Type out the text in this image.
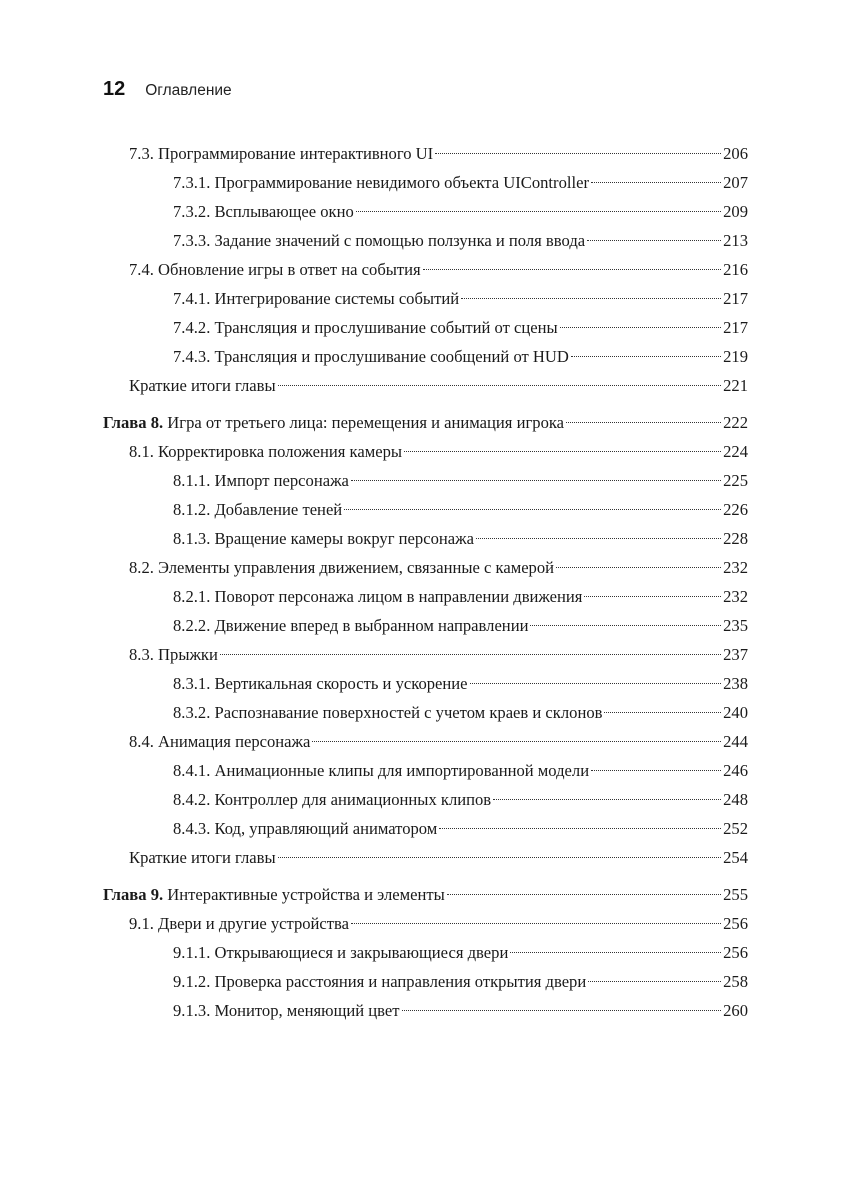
12 Оглавление
7.3. Программирование интерактивного UI	206
7.3.1. Программирование невидимого объекта UIController	207
7.3.2. Всплывающее окно	209
7.3.3. Задание значений с помощью ползунка и поля ввода	213
7.4. Обновление игры в ответ на события	216
7.4.1. Интегрирование системы событий	217
7.4.2. Трансляция и прослушивание событий от сцены	217
7.4.3. Трансляция и прослушивание сообщений от HUD	219
Краткие итоги главы	221
Глава 8. Игра от третьего лица: перемещения и анимация игрока	222
8.1. Корректировка положения камеры	224
8.1.1. Импорт персонажа	225
8.1.2. Добавление теней	226
8.1.3. Вращение камеры вокруг персонажа	228
8.2. Элементы управления движением, связанные с камерой	232
8.2.1. Поворот персонажа лицом в направлении движения	232
8.2.2. Движение вперед в выбранном направлении	235
8.3. Прыжки	237
8.3.1. Вертикальная скорость и ускорение	238
8.3.2. Распознавание поверхностей с учетом краев и склонов	240
8.4. Анимация персонажа	244
8.4.1. Анимационные клипы для импортированной модели	246
8.4.2. Контроллер для анимационных клипов	248
8.4.3. Код, управляющий аниматором	252
Краткие итоги главы	254
Глава 9. Интерактивные устройства и элементы	255
9.1. Двери и другие устройства	256
9.1.1. Открывающиеся и закрывающиеся двери	256
9.1.2. Проверка расстояния и направления открытия двери	258
9.1.3. Монитор, меняющий цвет	260
